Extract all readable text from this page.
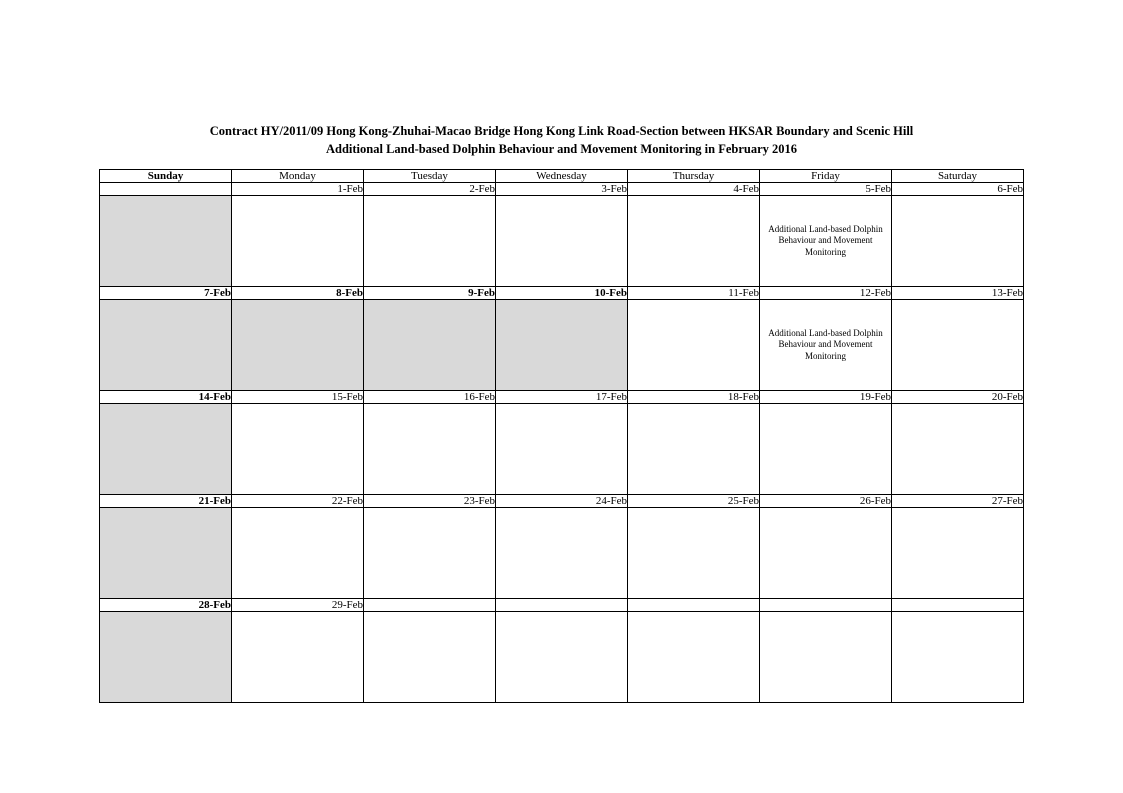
Contract HY/2011/09 Hong Kong-Zhuhai-Macao Bridge Hong Kong Link Road-Section between HKSAR Boundary and Scenic Hill
Additional Land-based Dolphin Behaviour and Movement Monitoring in February 2016
Sunday	Monday	Tuesday	Wednesday	Thursday	Friday	Saturday
	1-Feb	2-Feb	3-Feb	4-Feb	5-Feb	6-Feb

					Additional Land-based Dolphin Behaviour and Movement Monitoring	

7-Feb	8-Feb	9-Feb	10-Feb	11-Feb	12-Feb	13-Feb

					Additional Land-based Dolphin Behaviour and Movement Monitoring	

14-Feb	15-Feb	16-Feb	17-Feb	18-Feb	19-Feb	20-Feb

21-Feb	22-Feb	23-Feb	24-Feb	25-Feb	26-Feb	27-Feb

28-Feb	29-Feb					
